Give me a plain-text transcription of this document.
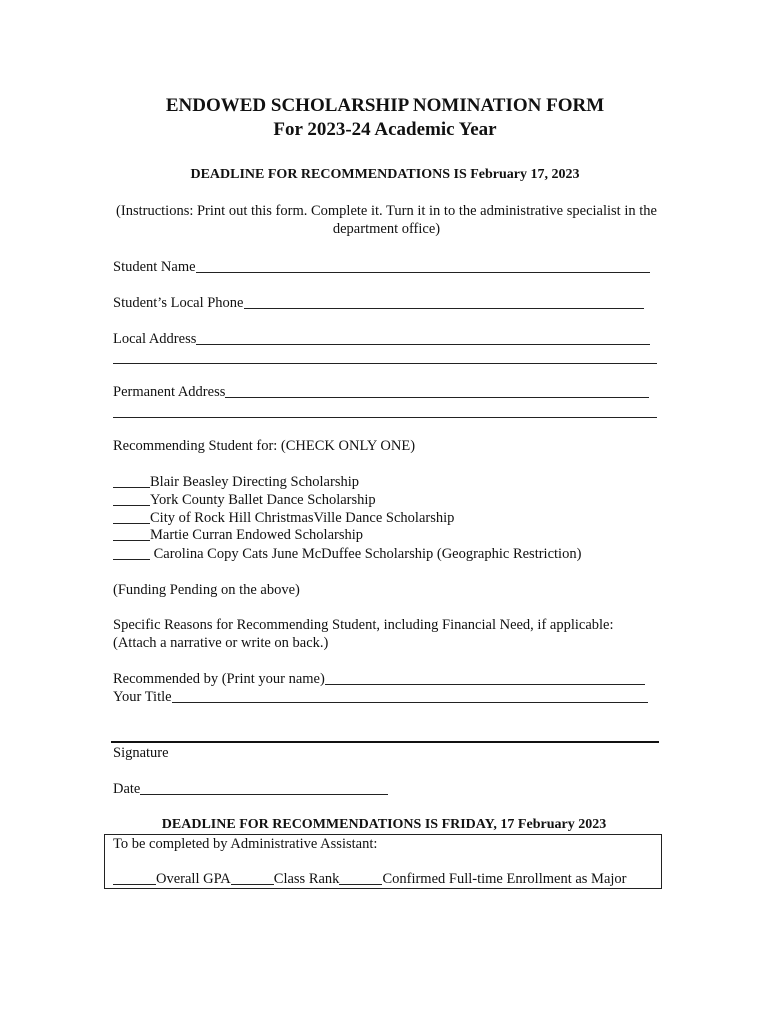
ENDOWED SCHOLARSHIP NOMINATION FORM
For 2023-24 Academic Year
DEADLINE FOR RECOMMENDATIONS IS February 17, 2023
(Instructions: Print out this form. Complete it. Turn it in to the administrative specialist in the department office)
Student Name
Student’s Local Phone
Local Address
Permanent Address
Recommending Student for: (CHECK ONLY ONE)
Blair Beasley Directing Scholarship
York County Ballet Dance Scholarship
City of Rock Hill ChristmasVille Dance Scholarship
Martie Curran Endowed Scholarship
Carolina Copy Cats June McDuffee Scholarship (Geographic Restriction)
(Funding Pending on the above)
Specific Reasons for Recommending Student, including Financial Need, if applicable:
(Attach a narrative or write on back.)
Recommended by (Print your name)
Your Title
Signature
Date
DEADLINE FOR RECOMMENDATIONS IS FRIDAY, 17 February 2023
To be completed by Administrative Assistant:
Overall GPA	Class Rank	Confirmed Full-time Enrollment as Major
